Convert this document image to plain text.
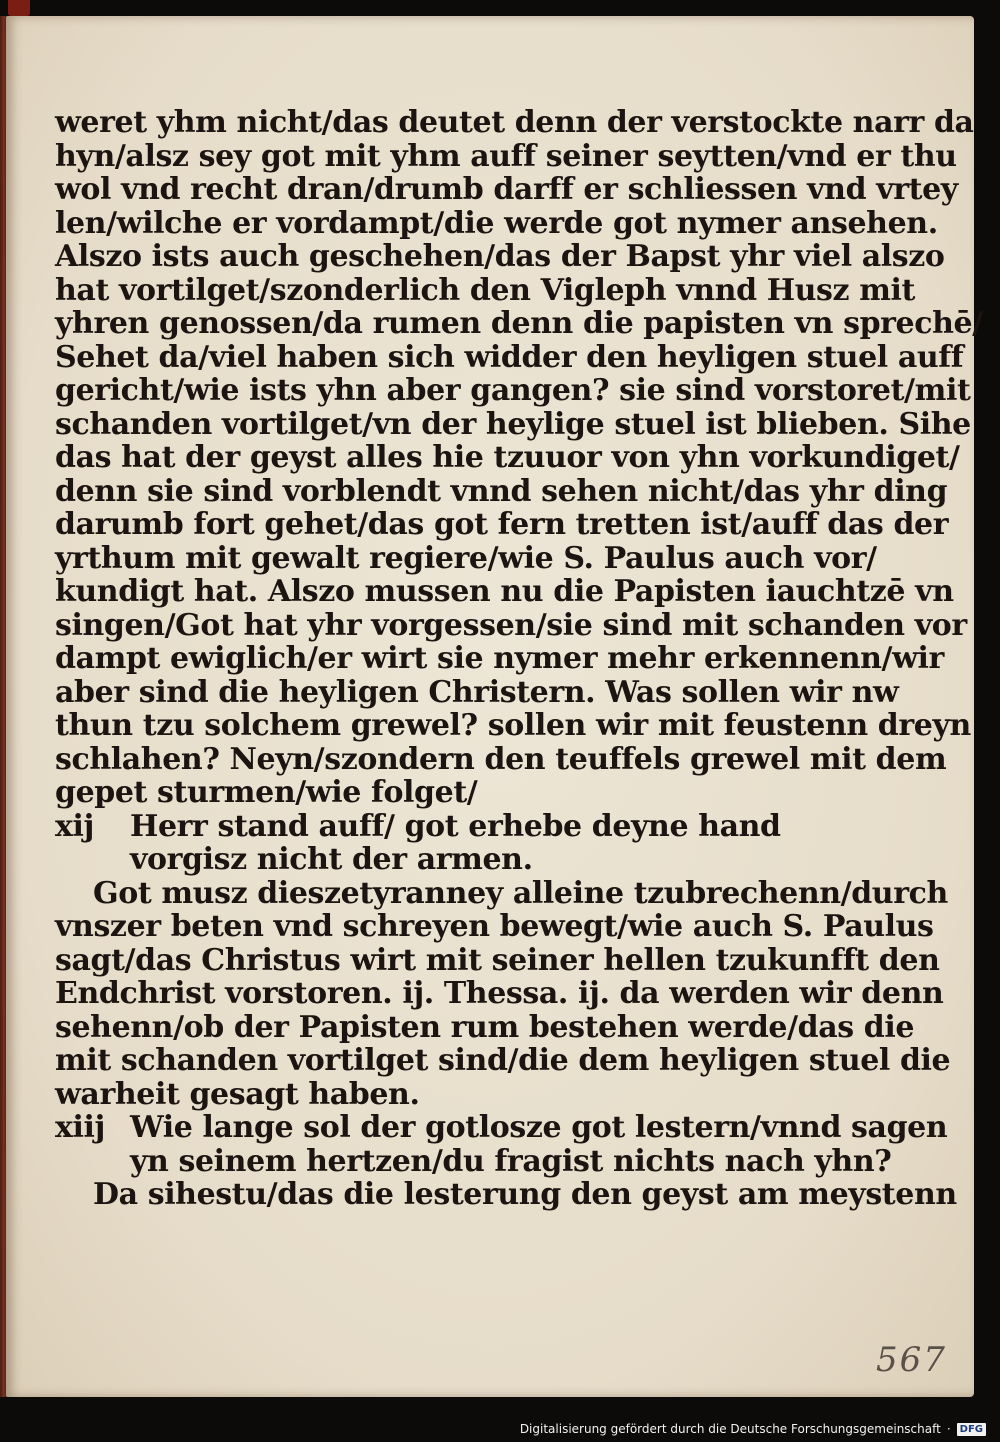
weret yhm nicht/das deutet denn der verstockte narr da
hyn/alsz sey got mit yhm auff seiner seytten/vnd er thu
wol vnd recht dran/drumb darff er schliessen vnd vrtey
len/wilche er vordampt/die werde got nymer ansehen.
Alszo ists auch geschehen/das der Bapst yhr viel alszo
hat vortilget/szonderlich den Vigleph vnnd Husz mit
yhren genossen/da rumen denn die papisten vn sprechē/
Sehet da/viel haben sich widder den heyligen stuel auff
gericht/wie ists yhn aber gangen? sie sind vorstoret/mit
schanden vortilget/vn der heylige stuel ist blieben. Sihe
das hat der geyst alles hie tzuuor von yhn vorkundiget/
denn sie sind vorblendt vnnd sehen nicht/das yhr ding
darumb fort gehet/das got fern tretten ist/auff das der
yrthum mit gewalt regiere/wie S. Paulus auch vor/
kundigt hat. Alszo mussen nu die Papisten iauchtzē vn
singen/Got hat yhr vorgessen/sie sind mit schanden vor
dampt ewiglich/er wirt sie nymer mehr erkennenn/wir
aber sind die heyligen Christern. Was sollen wir nw
thun tzu solchem grewel? sollen wir mit feustenn dreyn
schlahen? Neyn/szondern den teuffels grewel mit dem
gepet sturmen/wie folget/
xij	Herr stand auff/ got erhebe deyne hand
vorgisz nicht der armen.
Got musz dieszetyranney alleine tzubrechenn/durch
vnszer beten vnd schreyen bewegt/wie auch S. Paulus
sagt/das Christus wirt mit seiner hellen tzukunfft den
Endchrist vorstoren. ij. Thessa. ij. da werden wir denn
sehenn/ob der Papisten rum bestehen werde/das die
mit schanden vortilget sind/die dem heyligen stuel die
warheit gesagt haben.
xiij Wie lange sol der gotlosze got lestern/vnnd sagen
yn seinem hertzen/du fragist nichts nach yhn?
Da sihestu/das die lesterung den geyst am meystenn
567
Digitalisierung gefördert durch die Deutsche Forschungsgemeinschaft · DFG
